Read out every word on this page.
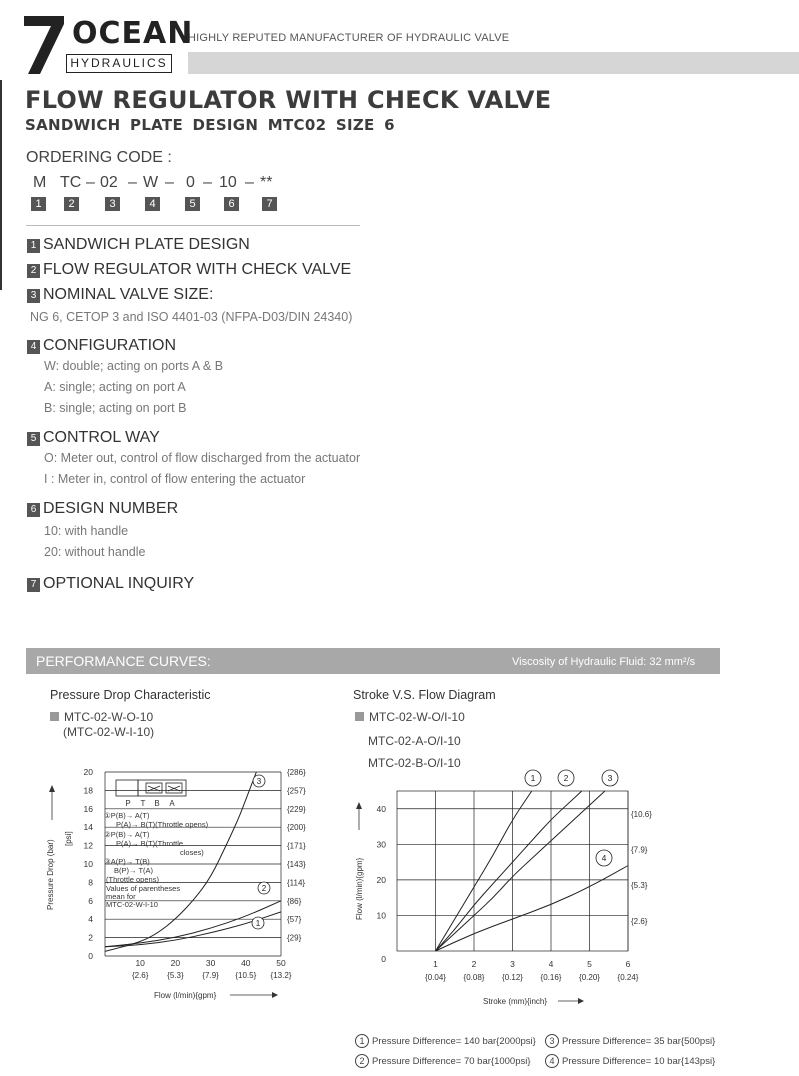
OCEAN
HYDRAULICS
HIGHLY REPUTED MANUFACTURER OF HYDRAULIC VALVE
FLOW REGULATOR WITH CHECK VALVE
SANDWICH PLATE DESIGN MTC02 SIZE 6
ORDERING CODE :
M TC – 02 – W – 0 – 10 – **
1	2	3	4	5	6	7
1 SANDWICH PLATE DESIGN
2 FLOW REGULATOR WITH CHECK VALVE
3 NOMINAL VALVE SIZE:
NG 6, CETOP 3 and ISO 4401-03 (NFPA-D03/DIN 24340)
4 CONFIGURATION
W: double; acting on ports A & B
A: single; acting on port A
B: single; acting on port B
5 CONTROL WAY
O: Meter out, control of flow discharged from the actuator
I : Meter in, control of flow entering the actuator
6 DESIGN NUMBER
10: with handle
20: without handle
7 OPTIONAL INQUIRY
PERFORMANCE CURVES:	Viscosity of Hydraulic Fluid: 32 mm²/s
Pressure Drop Characteristic
MTC-02-W-O-10
(MTC-02-W-I-10)
Stroke V.S. Flow Diagram
MTC-02-W-O/I-10
MTC-02-A-O/I-10
MTC-02-B-O/I-10
0
2
4
6
8
10
12
14
16
18
20
{29}
{57}
{86}
{114}
{143}
{171}
{200}
{229}
{257}
{286}
10
{2.6}
20
{5.3}
30
{7.9}
40
{10.5}
50
{13.2}
Flow (l/min){gpm}
Pressure Drop (bar)
[psi]
P T B A
①P(B)→ A(T)
P(A)→ B(T)(Throttle opens)
②P(B)→ A(T)
P(A)→ B(T)(Throttle
closes)
③A(P)→ T(B)
B(P)→ T(A)
(Throttle opens)
Values of parentheses
mean for
MTC-02-W-I-10
1
2
3
0
10
20
30
40
{10.6}
{7.9}
{5.3}
{2.6}
1
{0.04}
2
{0.08}
3
{0.12}
4
{0.16}
5
{0.20}
6
{0.24}
Stroke (mm){inch}
Flow (l/min){gpm}
1	2	3
4
1 Pressure Difference= 140 bar{2000psi}	3 Pressure Difference= 35 bar{500psi}
2 Pressure Difference= 70 bar{1000psi}	4 Pressure Difference= 10 bar{143psi}
